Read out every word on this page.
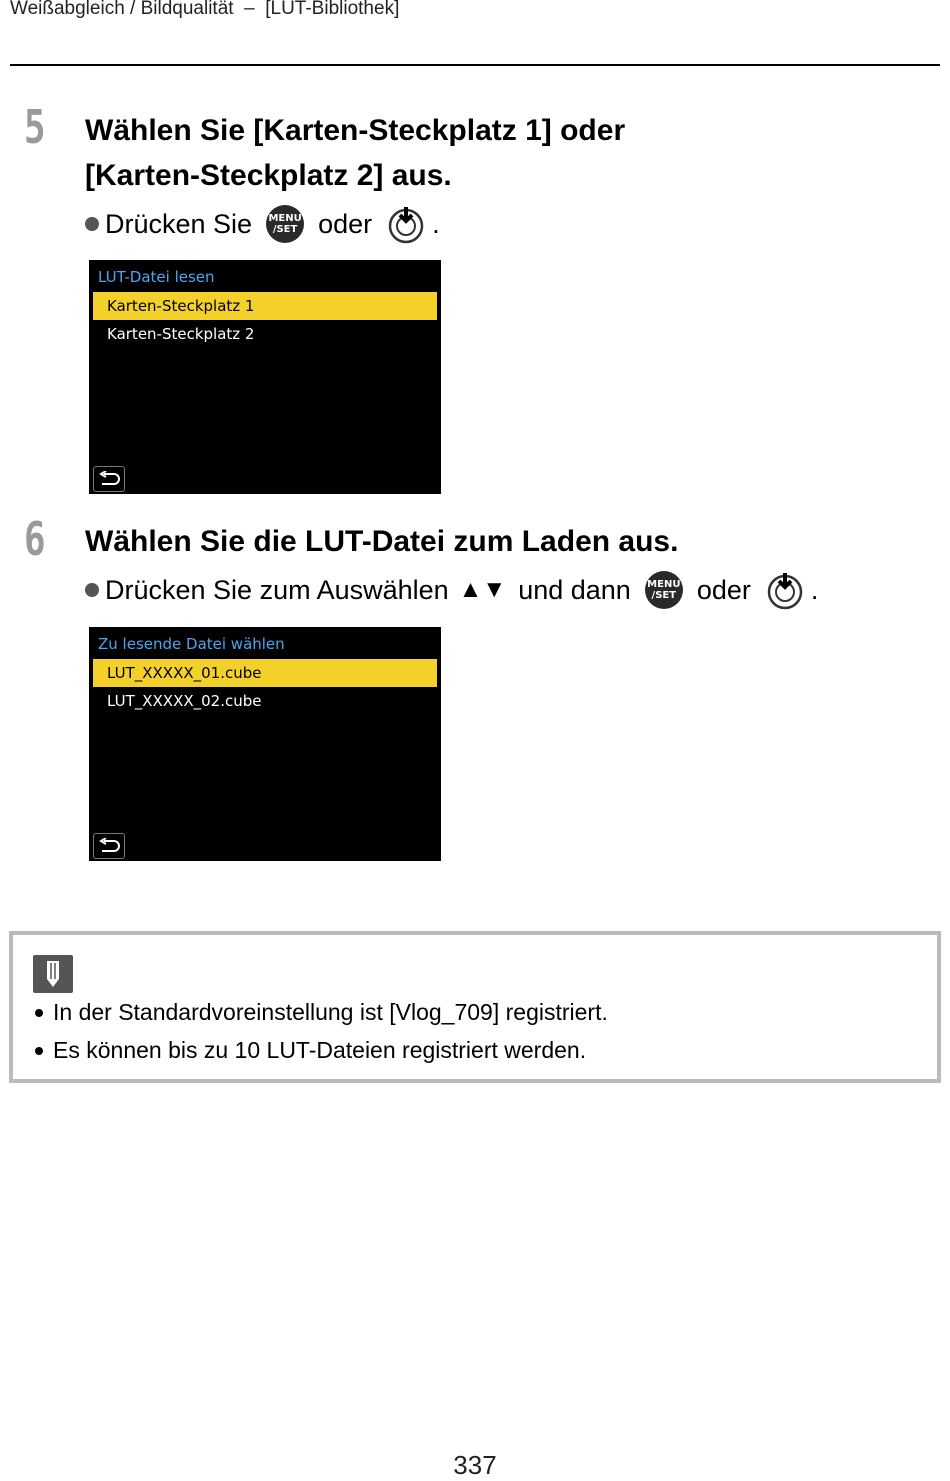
Weißabgleich / Bildqualität  –  [LUT-Bibliothek]
5 Wählen Sie [Karten-Steckplatz 1] oder
[Karten-Steckplatz 2] aus.
Drücken Sie MENU
/SET oder .
LUT-Datei lesen
Karten-Steckplatz 1
Karten-Steckplatz 2
6 Wählen Sie die LUT-Datei zum Laden aus.
Drücken Sie zum Auswählen ▲▼ und dann MENU
/SET oder .
Zu lesende Datei wählen
LUT_XXXXX_01.cube
LUT_XXXXX_02.cube
In der Standardvoreinstellung ist [Vlog_709] registriert.
Es können bis zu 10 LUT-Dateien registriert werden.
337
